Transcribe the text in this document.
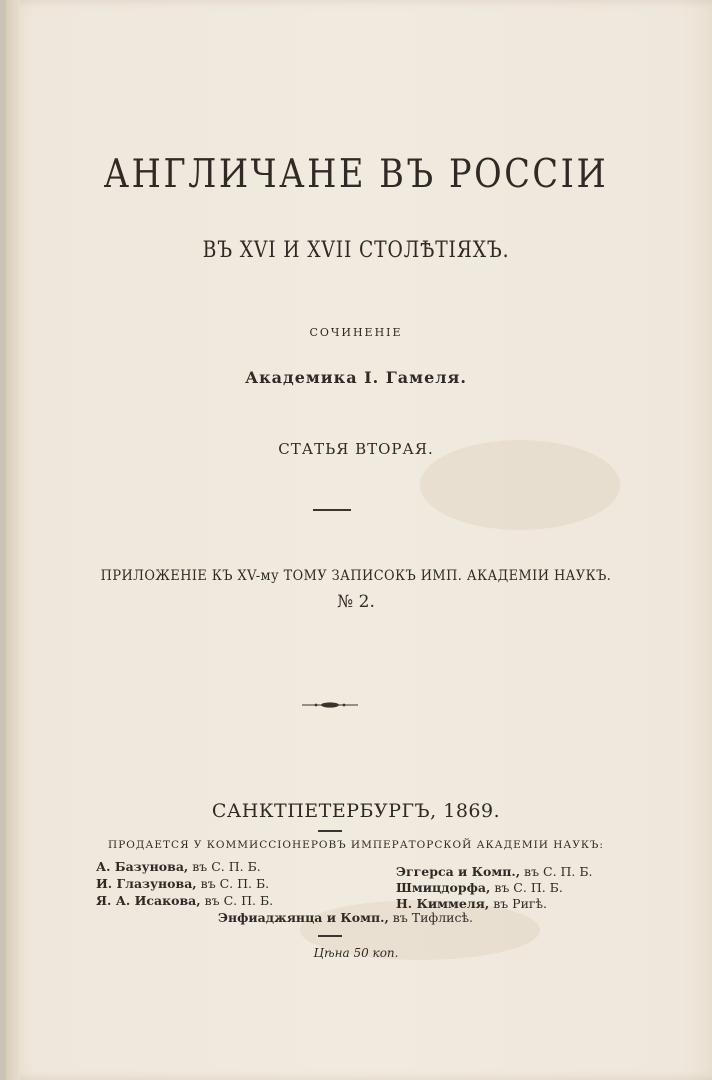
АНГЛИЧАНЕ ВЪ РОССІИ
ВЪ XVI И XVII СТОЛѢТІЯХЪ.
СОЧИНЕНІЕ
Академика І. Гамеля.
СТАТЬЯ ВТОРАЯ.
ПРИЛОЖЕНІЕ КЪ XV-му ТОМУ ЗАПИСОКЪ ИМП. АКАДЕМІИ НАУКЪ.
№ 2.
САНКТПЕТЕРБУРГЪ, 1869.
ПРОДАЕТСЯ У КОММИССІОНЕРОВЪ ИМПЕРАТОРСКОЙ АКАДЕМІИ НАУКЪ:
А. Базунова, въ С. П. Б.
И. Глазунова, въ С. П. Б.
Я. А. Исакова, въ С. П. Б.
Эггерса и Комп., въ С. П. Б.
Шмицдорфа, въ С. П. Б.
Н. Киммеля, въ Ригѣ.
Энфиаджянца и Комп., въ Тифлисѣ.
Цѣна 50 коп.
